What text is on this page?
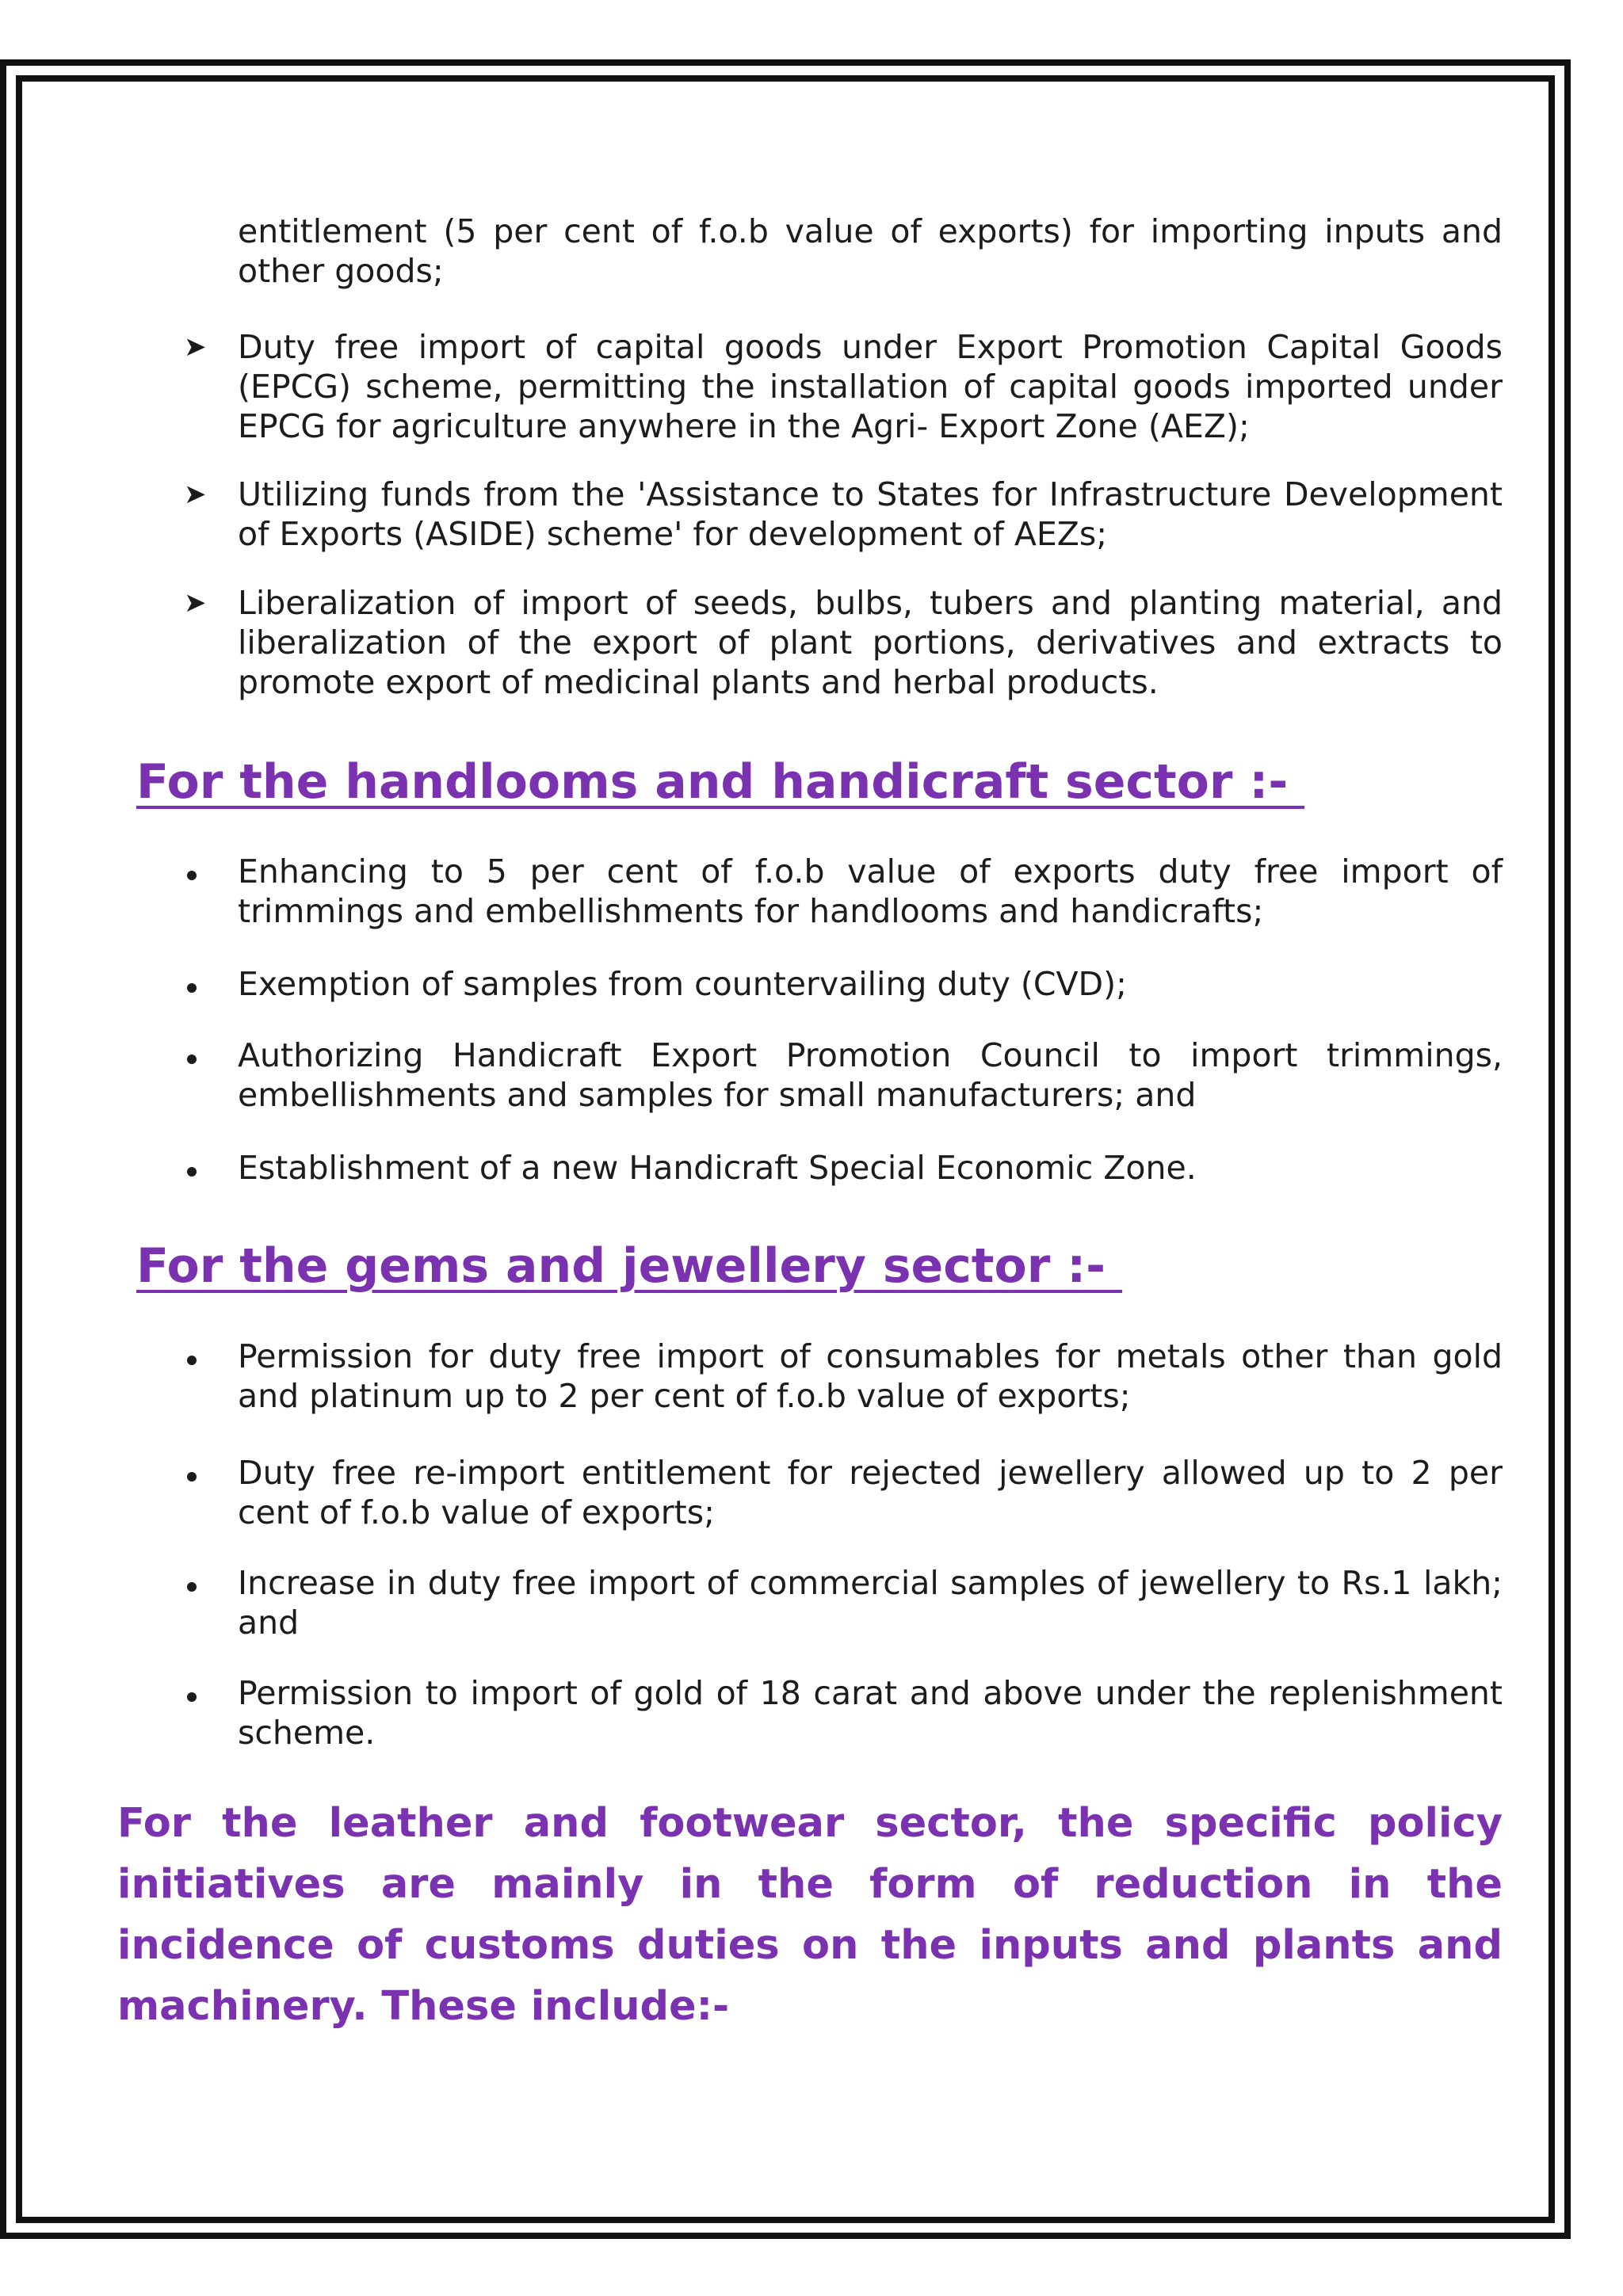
entitlement (5 per cent of f.o.b value of exports) for importing inputs and other goods;
➤ Duty free import of capital goods under Export Promotion Capital Goods (EPCG) scheme, permitting the installation of capital goods imported under EPCG for agriculture anywhere in the Agri- Export Zone (AEZ);
➤ Utilizing funds from the 'Assistance to States for Infrastructure Development of Exports (ASIDE) scheme' for development of AEZs;
➤ Liberalization of import of seeds, bulbs, tubers and planting material, and liberalization of the export of plant portions, derivatives and extracts to promote export of medicinal plants and herbal products.
For the handlooms and handicraft sector :-
Enhancing to 5 per cent of f.o.b value of exports duty free import of trimmings and embellishments for handlooms and handicrafts;
Exemption of samples from countervailing duty (CVD);
Authorizing Handicraft Export Promotion Council to import trimmings, embellishments and samples for small manufacturers; and
Establishment of a new Handicraft Special Economic Zone.
For the gems and jewellery sector :-
Permission for duty free import of consumables for metals other than gold and platinum up to 2 per cent of f.o.b value of exports;
Duty free re-import entitlement for rejected jewellery allowed up to 2 per cent of f.o.b value of exports;
Increase in duty free import of commercial samples of jewellery to Rs.1 lakh; and
Permission to import of gold of 18 carat and above under the replenishment scheme.
For the leather and footwear sector, the specific policy initiatives are mainly in the form of reduction in the incidence of customs duties on the inputs and plants and machinery. These include:-
